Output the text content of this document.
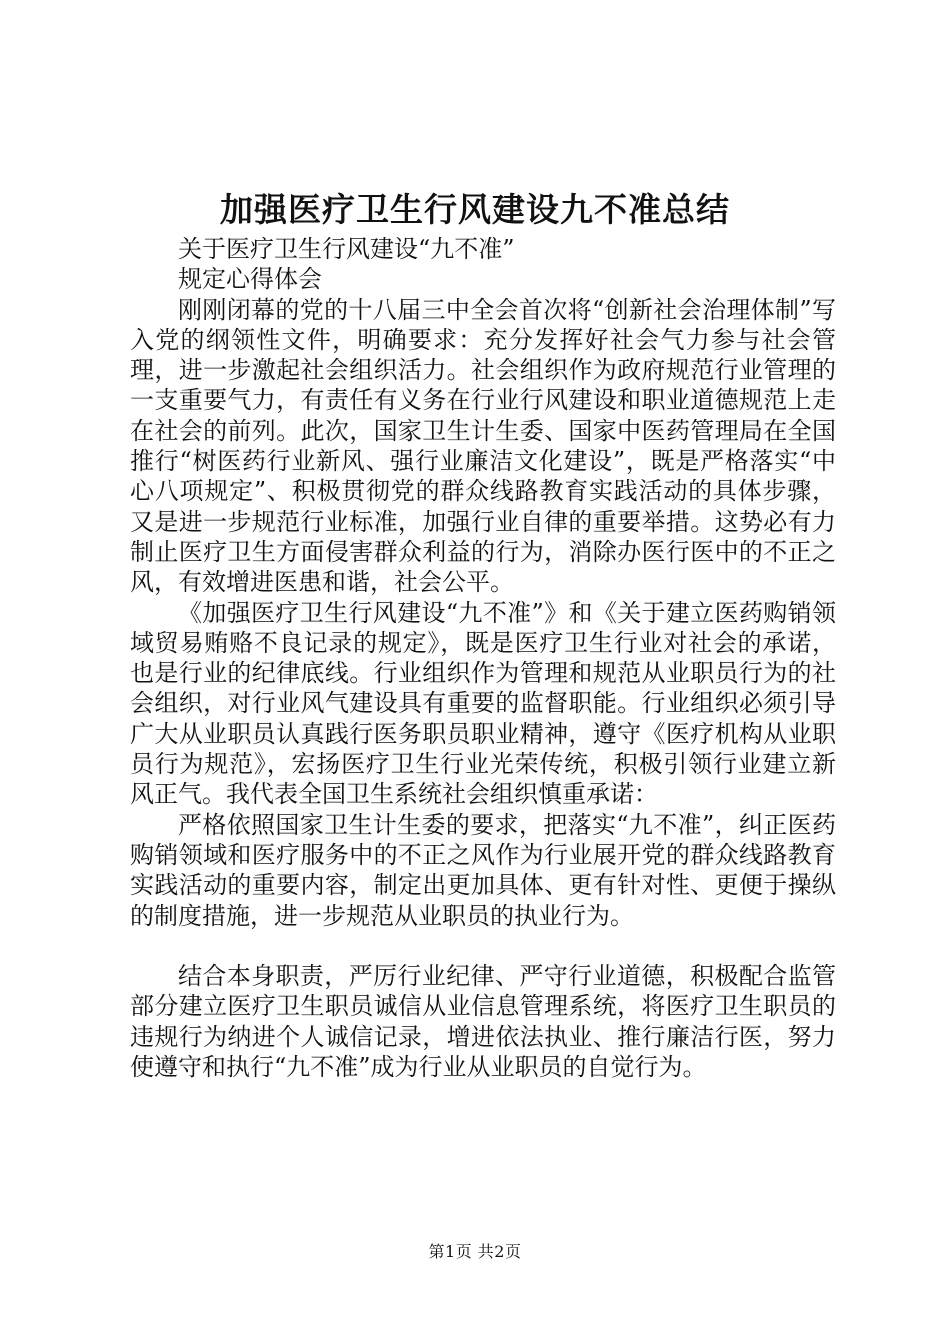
加强医疗卫生行风建设九不准总结

关于医疗卫生行风建设“九不准”

规定心得体会

刚刚闭幕的党的十八届三中全会首次将“创新社会治理体制”写入党的纲领性文件，明确要求：充分发挥好社会气力参与社会管理，进一步激起社会组织活力。社会组织作为政府规范行业管理的一支重要气力，有责任有义务在行业行风建设和职业道德规范上走在社会的前列。此次，国家卫生计生委、国家中医药管理局在全国推行“树医药行业新风、强行业廉洁文化建设”，既是严格落实“中心八项规定”、积极贯彻党的群众线路教育实践活动的具体步骤，又是进一步规范行业标准，加强行业自律的重要举措。这势必有力制止医疗卫生方面侵害群众利益的行为，消除办医行医中的不正之风，有效增进医患和谐，社会公平。

《加强医疗卫生行风建设“九不准”》和《关于建立医药购销领域贸易贿赂不良记录的规定》，既是医疗卫生行业对社会的承诺，也是行业的纪律底线。行业组织作为管理和规范从业职员行为的社会组织，对行业风气建设具有重要的监督职能。行业组织必须引导广大从业职员认真践行医务职员职业精神，遵守《医疗机构从业职员行为规范》，宏扬医疗卫生行业光荣传统，积极引领行业建立新风正气。我代表全国卫生系统社会组织慎重承诺：

严格依照国家卫生计生委的要求，把落实“九不准”，纠正医药购销领域和医疗服务中的不正之风作为行业展开党的群众线路教育实践活动的重要内容，制定出更加具体、更有针对性、更便于操纵的制度措施，进一步规范从业职员的执业行为。

结合本身职责，严厉行业纪律、严守行业道德，积极配合监管部分建立医疗卫生职员诚信从业信息管理系统，将医疗卫生职员的违规行为纳进个人诚信记录，增进依法执业、推行廉洁行医，努力使遵守和执行“九不准”成为行业从业职员的自觉行为。

第1页 共2页
